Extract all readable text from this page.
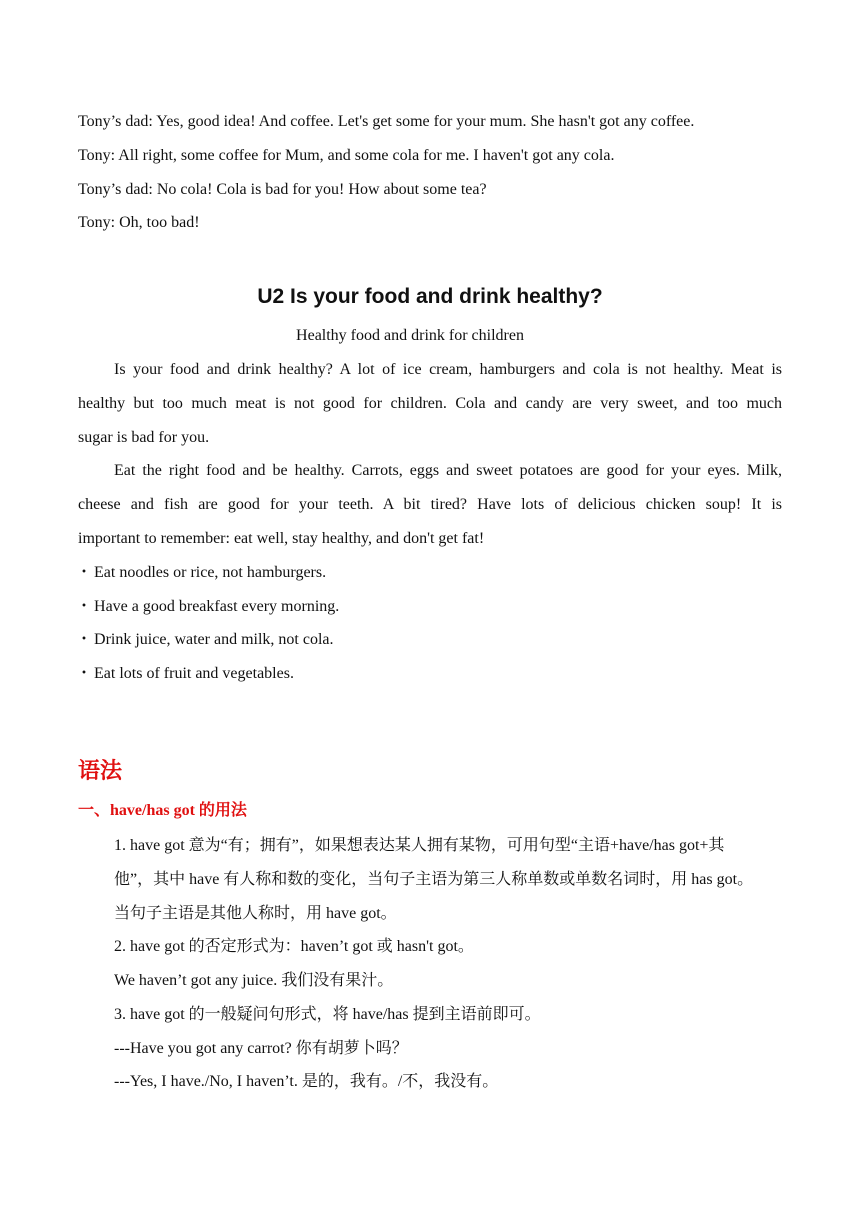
Tony’s dad: Yes, good idea! And coffee. Let's get some for your mum. She hasn't got any coffee.
Tony: All right, some coffee for Mum, and some cola for me. I haven't got any cola.
Tony’s dad: No cola! Cola is bad for you! How about some tea?
Tony: Oh, too bad!
U2 Is your food and drink healthy?
Healthy food and drink for children
Is your food and drink healthy? A lot of ice cream, hamburgers and cola is not healthy. Meat is
healthy but too much meat is not good for children. Cola and candy are very sweet, and too much
sugar is bad for you.
Eat the right food and be healthy. Carrots, eggs and sweet potatoes are good for your eyes. Milk,
cheese and fish are good for your teeth. A bit tired? Have lots of delicious chicken soup! It is
important to remember: eat well, stay healthy, and don't get fat!
・ Eat noodles or rice, not hamburgers.
・ Have a good breakfast every morning.
・ Drink juice, water and milk, not cola.
・ Eat lots of fruit and vegetables.
语法
一、have/has got 的用法
1. have got 意为“有；拥有”，如果想表达某人拥有某物，可用句型“主语+have/has got+其
他”，其中 have 有人称和数的变化，当句子主语为第三人称单数或单数名词时，用 has got。
当句子主语是其他人称时，用 have got。
2. have got 的否定形式为：haven’t got 或 hasn't got。
We haven’t got any juice. 我们没有果汁。
3. have got 的一般疑问句形式，将 have/has 提到主语前即可。
---Have you got any carrot? 你有胡萝卜吗？
---Yes, I have./No, I haven’t. 是的，我有。/不，我没有。
